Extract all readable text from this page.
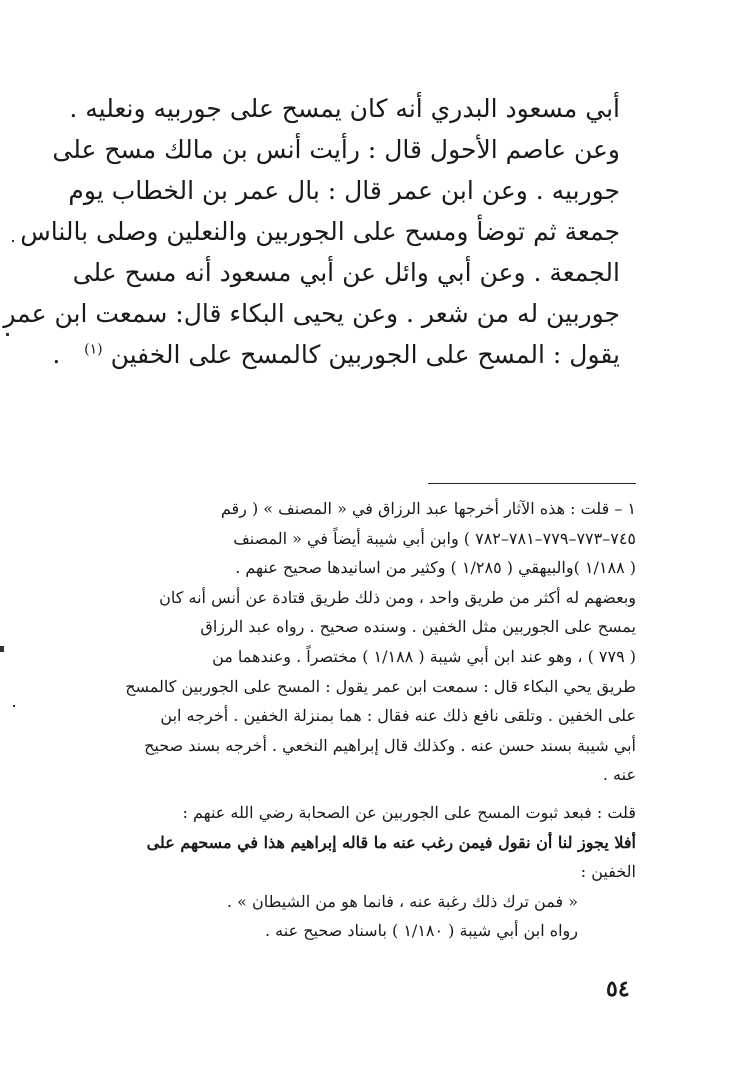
أبي مسعود البدري أنه كان يمسح على جوربيه ونعليه .
وعن عاصم الأحول قال : رأيت أنس بن مالك مسح على
جوربيه . وعن ابن عمر قال : بال عمر بن الخطاب يوم
جمعة ثم توضأ ومسح على الجوربين والنعلين وصلى بالناس
الجمعة . وعن أبي وائل عن أبي مسعود أنه مسح على
جوربين له من شعر . وعن يحيى البكاء قال: سمعت ابن عمر
يقول : المسح على الجوربين كالمسح على الخفين $^{(١)}$   .
١ – قلت : هذه الآثار أخرجها عبد الرزاق في « المصنف » ( رقم
٧٤٥–٧٧٣–٧٧٩–٧٨١–٧٨٢ ) وابن أبي شيبة أيضاً في « المصنف
( ١/١٨٨ )والبيهقي ( ١/٢٨٥ ) وكثير من اسانيدها صحيح عنهم .
وبعضهم له أكثر من طريق واحد ، ومن ذلك طريق قتادة عن أنس أنه كان
يمسح على الجوربين مثل الخفين . وسنده صحيح . رواه عبد الرزاق
( ٧٧٩ ) ، وهو عند ابن أبي شيبة ( ١/١٨٨ ) مختصراً . وعندهما من
طريق يحي البكاء قال : سمعت ابن عمر يقول : المسح على الجوربين كالمسح
على الخفين . وتلقى نافع ذلك عنه فقال : هما بمنزلة الخفين . أخرجه ابن
أبي شيبة بسند حسن عنه . وكذلك قال إبراهيم النخعي . أخرجه بسند صحيح
عنه .
قلت : فبعد ثبوت المسح على الجوربين عن الصحابة رضي الله عنهم :
أفلا يجوز لنا أن نقول فيمن رغب عنه ما قاله إبراهيم هذا في مسحهم على
الخفين :
« فمن ترك ذلك رغبة عنه ، فانما هو من الشيطان » .
رواه ابن أبي شيبة ( ١/١٨٠ ) باسناد صحيح عنه .
٥٤
